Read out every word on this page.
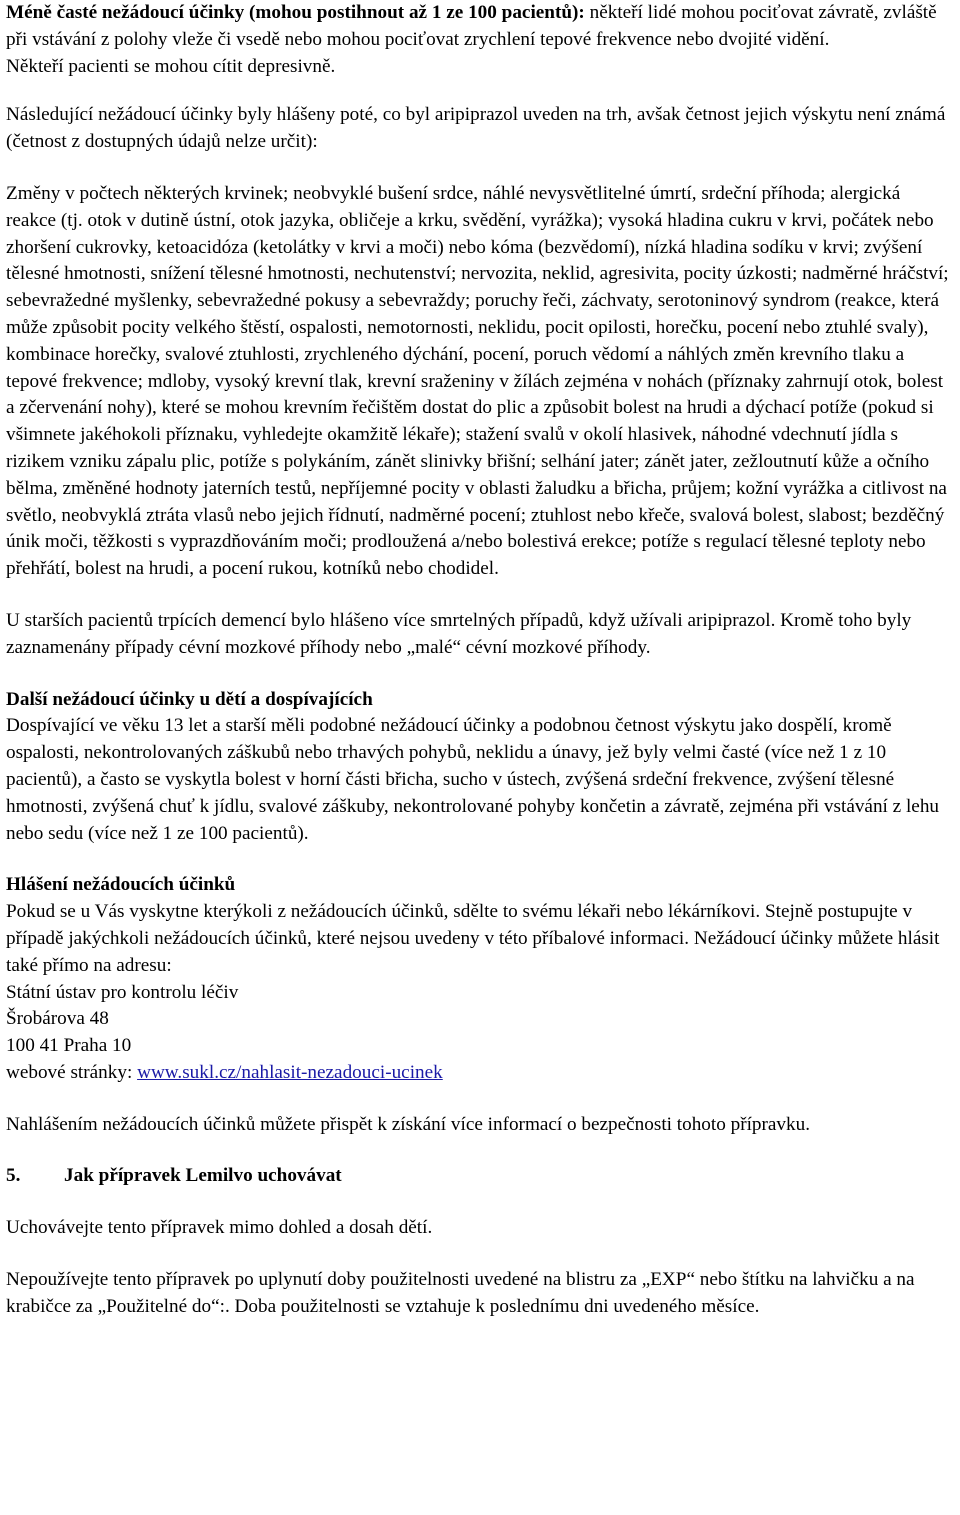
Méně časté nežádoucí účinky (mohou postihnout až 1 ze 100 pacientů): někteří lidé mohou pociťovat závratě, zvláště při vstávání z polohy vleže či vsedě nebo mohou pociťovat zrychlení tepové frekvence nebo dvojité vidění.

Někteří pacienti se mohou cítit depresivně.

Následující nežádoucí účinky byly hlášeny poté, co byl aripiprazol uveden na trh, avšak četnost jejich výskytu není známá (četnost z dostupných údajů nelze určit):

Změny v počtech některých krvinek; neobvyklé bušení srdce, náhlé nevysvětlitelné úmrtí, srdeční příhoda; alergická reakce (tj. otok v dutině ústní, otok jazyka, obličeje a krku, svědění, vyrážka); vysoká hladina cukru v krvi, počátek nebo zhoršení cukrovky, ketoacidóza (ketolátky v krvi a moči) nebo kóma (bezvědomí), nízká hladina sodíku v krvi; zvýšení tělesné hmotnosti, snížení tělesné hmotnosti, nechutenství; nervozita, neklid, agresivita, pocity úzkosti; nadměrné hráčství; sebevražedné myšlenky, sebevražedné pokusy a sebevraždy; poruchy řeči, záchvaty, serotoninový syndrom (reakce, která může způsobit pocity velkého štěstí, ospalosti, nemotornosti, neklidu, pocit opilosti, horečku, pocení nebo ztuhlé svaly), kombinace horečky, svalové ztuhlosti, zrychleného dýchání, pocení, poruch vědomí a náhlých změn krevního tlaku a tepové frekvence; mdloby, vysoký krevní tlak, krevní sraženiny v žílách zejména v nohách (příznaky zahrnují otok, bolest a zčervenání nohy), které se mohou krevním řečištěm dostat do plic a způsobit bolest na hrudi a dýchací potíže (pokud si všimnete jakéhokoli příznaku, vyhledejte okamžitě lékaře); stažení svalů v okolí hlasivek, náhodné vdechnutí jídla s rizikem vzniku zápalu plic, potíže s polykáním, zánět slinivky břišní; selhání jater; zánět jater, zežloutnutí kůže a očního bělma, změněné hodnoty jaterních testů, nepříjemné pocity v oblasti žaludku a břicha, průjem; kožní vyrážka a citlivost na světlo, neobvyklá ztráta vlasů nebo jejich řídnutí, nadměrné pocení; ztuhlost nebo křeče, svalová bolest, slabost; bezděčný únik moči, těžkosti s vyprazdňováním moči; prodloužená a/nebo bolestivá erekce; potíže s regulací tělesné teploty nebo přehřátí, bolest na hrudi, a pocení rukou, kotníků nebo chodidel.

U starších pacientů trpících demencí bylo hlášeno více smrtelných případů, když užívali aripiprazol. Kromě toho byly zaznamenány případy cévní mozkové příhody nebo „malé“ cévní mozkové příhody.

Další nežádoucí účinky u dětí a dospívajících

Dospívající ve věku 13 let a starší měli podobné nežádoucí účinky a podobnou četnost výskytu jako dospělí, kromě ospalosti, nekontrolovaných záškubů nebo trhavých pohybů, neklidu a únavy, jež byly velmi časté (více než 1 z 10 pacientů), a často se vyskytla bolest v horní části břicha, sucho v ústech, zvýšená srdeční frekvence, zvýšení tělesné hmotnosti, zvýšená chuť k jídlu, svalové záškuby, nekontrolované pohyby končetin a závratě, zejména při vstávání z lehu nebo sedu (více než 1 ze 100 pacientů).

Hlášení nežádoucích účinků

Pokud se u Vás vyskytne kterýkoli z nežádoucích účinků, sdělte to svému lékaři nebo lékárníkovi. Stejně postupujte v případě jakýchkoli nežádoucích účinků, které nejsou uvedeny v této příbalové informaci. Nežádoucí účinky můžete hlásit také přímo na adresu:

Státní ústav pro kontrolu léčiv

Šrobárova 48

100 41 Praha 10

webové stránky: www.sukl.cz/nahlasit-nezadouci-ucinek

Nahlášením nežádoucích účinků můžete přispět k získání více informací o bezpečnosti tohoto přípravku.

5. Jak přípravek Lemilvo uchovávat

Uchovávejte tento přípravek mimo dohled a dosah dětí.

Nepoužívejte tento přípravek po uplynutí doby použitelnosti uvedené na blistru za „EXP“ nebo štítku na lahvičku a na krabičce za „Použitelné do“:. Doba použitelnosti se vztahuje k poslednímu dni uvedeného měsíce.
